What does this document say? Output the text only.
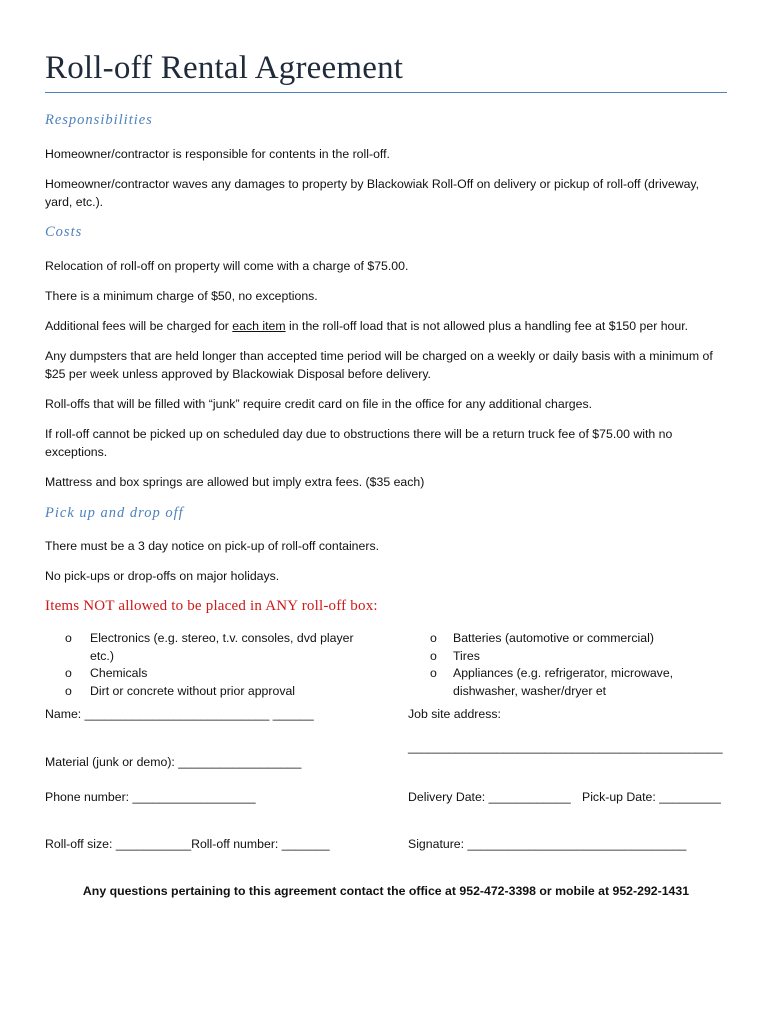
Roll-off Rental Agreement
Responsibilities
Homeowner/contractor is responsible for contents in the roll-off.
Homeowner/contractor waves any damages to property by Blackowiak Roll-Off on delivery or pickup of roll-off (driveway, yard, etc.).
Costs
Relocation of roll-off on property will come with a charge of $75.00.
There is a minimum charge of $50, no exceptions.
Additional fees will be charged for each item in the roll-off load that is not allowed plus a handling fee at $150 per hour.
Any dumpsters that are held longer than accepted time period will be charged on a weekly or daily basis with a minimum of $25 per week unless approved by Blackowiak Disposal before delivery.
Roll-offs that will be filled with “junk” require credit card on file in the office for any additional charges.
If roll-off cannot be picked up on scheduled day due to obstructions there will be a return truck fee of $75.00 with no exceptions.
Mattress and box springs are allowed but imply extra fees. ($35 each)
Pick up and drop off
There must be a 3 day notice on pick-up of roll-off containers.
No pick-ups or drop-offs on major holidays.
Items NOT allowed to be placed in ANY roll-off box:
o Electronics (e.g. stereo, t.v. consoles, dvd player etc.)
o Chemicals
o Dirt or concrete without prior approval
o Batteries (automotive or commercial)
o Tires
o Appliances (e.g. refrigerator, microwave, dishwasher, washer/dryer et
Name: ___________________________ ______	Job site address:
______________________________________________
Material (junk or demo): __________________
Phone number: __________________	Delivery Date: ____________ Pick-up Date: _________
Roll-off size: ___________Roll-off number: _______	Signature: ________________________________
Any questions pertaining to this agreement contact the office at 952-472-3398 or mobile at 952-292-1431
